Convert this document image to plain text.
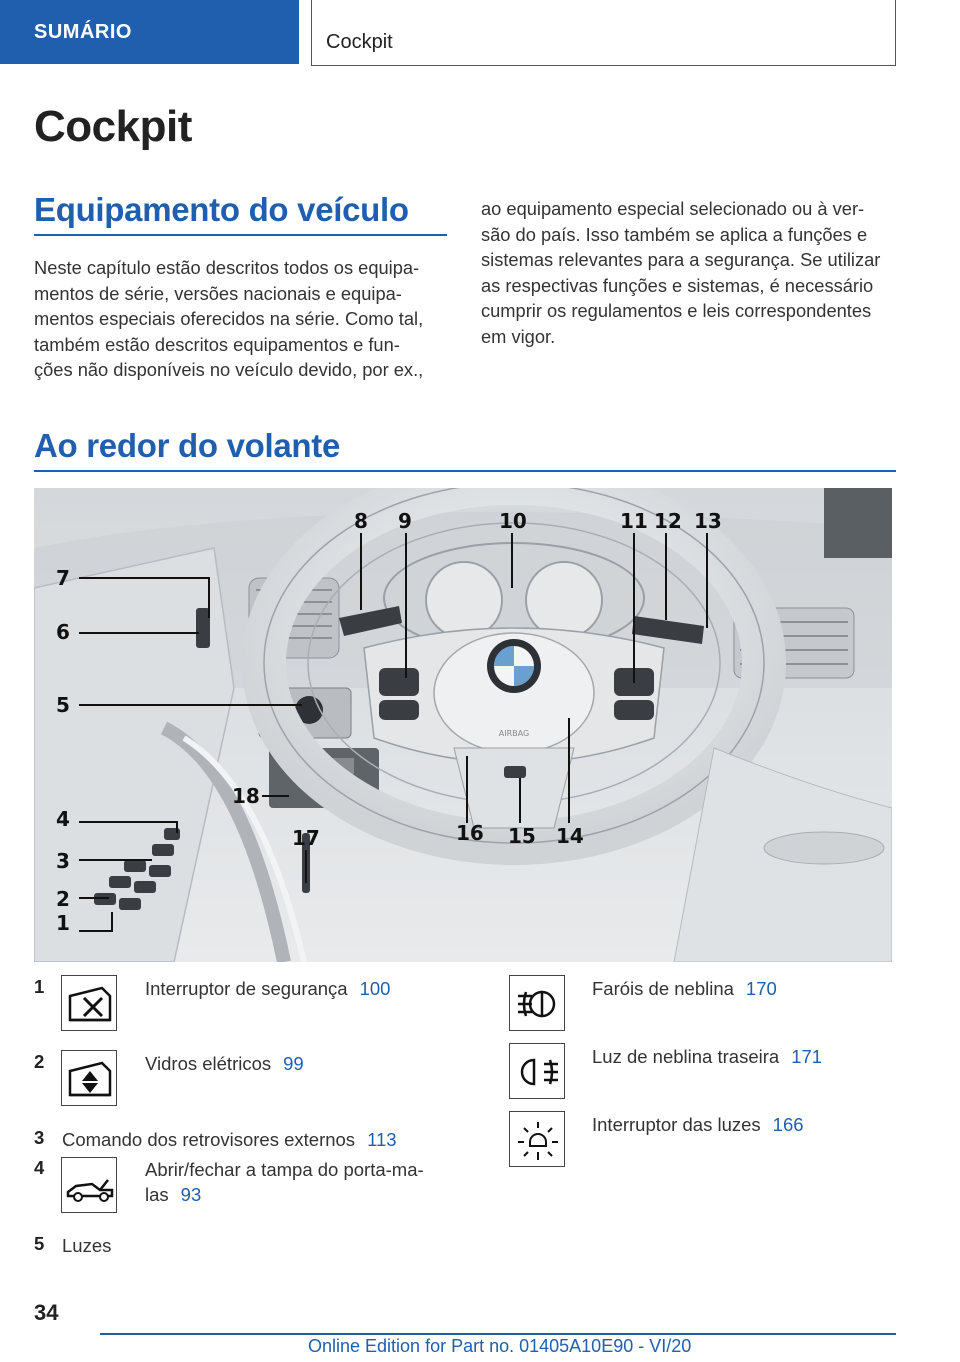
SUMÁRIO	Cockpit
Cockpit
Equipamento do veículo
Neste capítulo estão descritos todos os equipa-
mentos de série, versões nacionais e equipa-
mentos especiais oferecidos na série. Como tal,
também estão descritos equipamentos e fun-
ções não disponíveis no veículo devido, por ex.,
ao equipamento especial selecionado ou à ver-
são do país. Isso também se aplica a funções e
sistemas relevantes para a segurança. Se utilizar
as respectivas funções e sistemas, é necessário
cumprir os regulamentos e leis correspondentes
em vigor.
Ao redor do volante
AIRBAG
1
2
3
4
5
6
7
8 9	10	11 12 13
14
15
16
17
18
1	Interruptor de segurança 100
2	Vidros elétricos 99
3 Comando dos retrovisores externos 113
4	Abrir/fechar a tampa do porta-ma-
las 93
5 Luzes
Faróis de neblina 170
Luz de neblina traseira 171
Interruptor das luzes 166
34
Online Edition for Part no. 01405A10E90 - VI/20
